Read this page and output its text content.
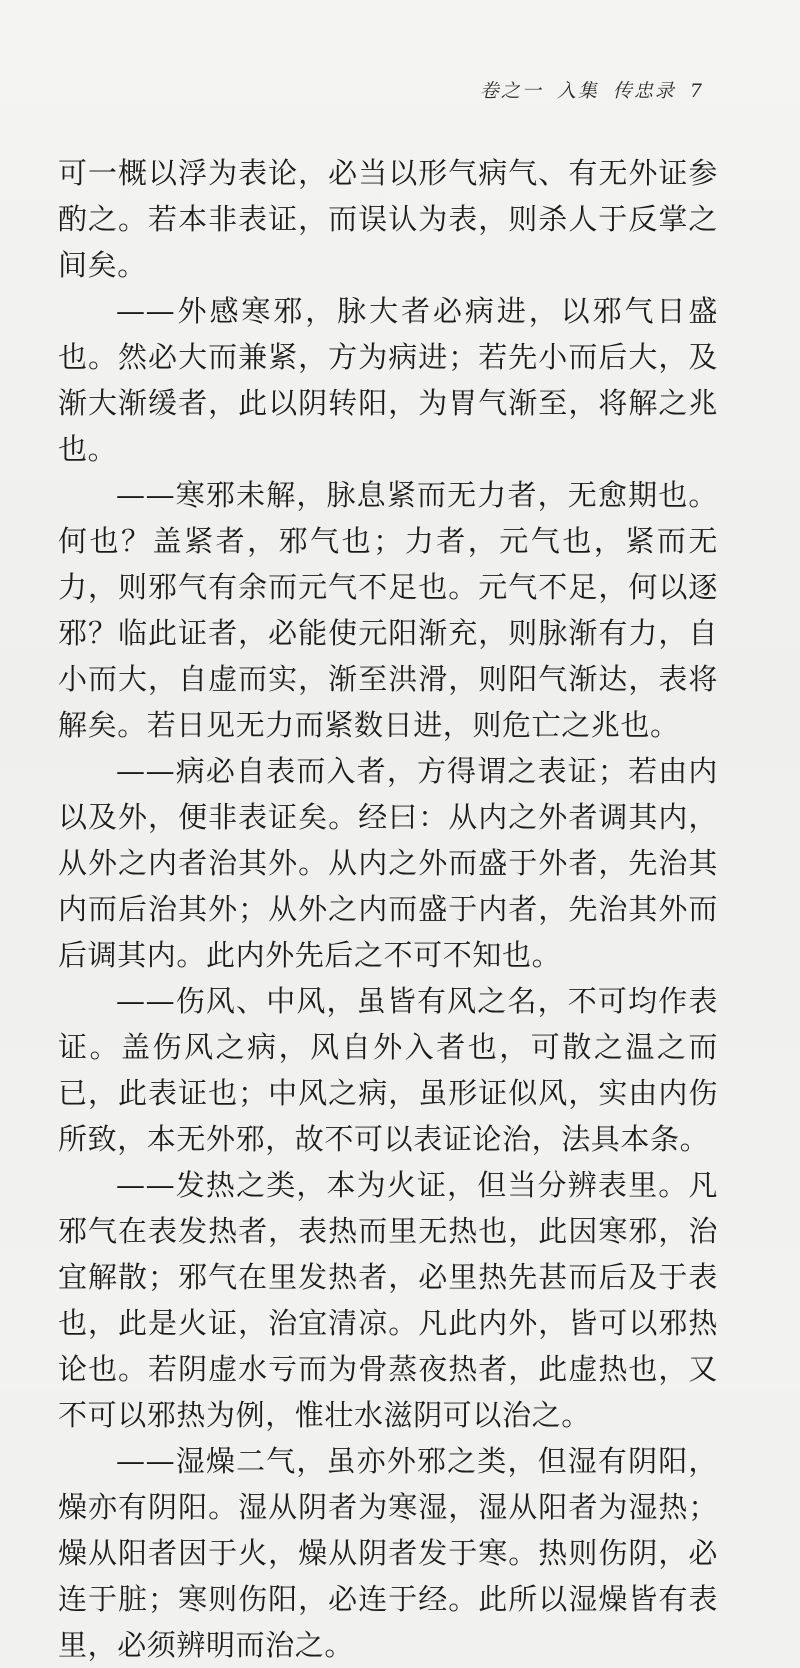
卷之一 入集 传忠录 7

可一概以浮为表论，必当以形气病气、有无外证参酌之。若本非表证，而误认为表，则杀人于反掌之间矣。

——外感寒邪，脉大者必病进，以邪气日盛也。然必大而兼紧，方为病进；若先小而后大，及渐大渐缓者，此以阴转阳，为胃气渐至，将解之兆也。

——寒邪未解，脉息紧而无力者，无愈期也。何也？盖紧者，邪气也；力者，元气也，紧而无力，则邪气有余而元气不足也。元气不足，何以逐邪？临此证者，必能使元阳渐充，则脉渐有力，自小而大，自虚而实，渐至洪滑，则阳气渐达，表将解矣。若日见无力而紧数日进，则危亡之兆也。

——病必自表而入者，方得谓之表证；若由内以及外，便非表证矣。经曰：从内之外者调其内，从外之内者治其外。从内之外而盛于外者，先治其内而后治其外；从外之内而盛于内者，先治其外而后调其内。此内外先后之不可不知也。

——伤风、中风，虽皆有风之名，不可均作表证。盖伤风之病，风自外入者也，可散之温之而已，此表证也；中风之病，虽形证似风，实由内伤所致，本无外邪，故不可以表证论治，法具本条。

——发热之类，本为火证，但当分辨表里。凡邪气在表发热者，表热而里无热也，此因寒邪，治宜解散；邪气在里发热者，必里热先甚而后及于表也，此是火证，治宜清凉。凡此内外，皆可以邪热论也。若阴虚水亏而为骨蒸夜热者，此虚热也，又不可以邪热为例，惟壮水滋阴可以治之。

——湿燥二气，虽亦外邪之类，但湿有阴阳，燥亦有阴阳。湿从阴者为寒湿，湿从阳者为湿热；燥从阳者因于火，燥从阴者发于寒。热则伤阴，必连于脏；寒则伤阳，必连于经。此所以湿燥皆有表里，必须辨明而治之。
